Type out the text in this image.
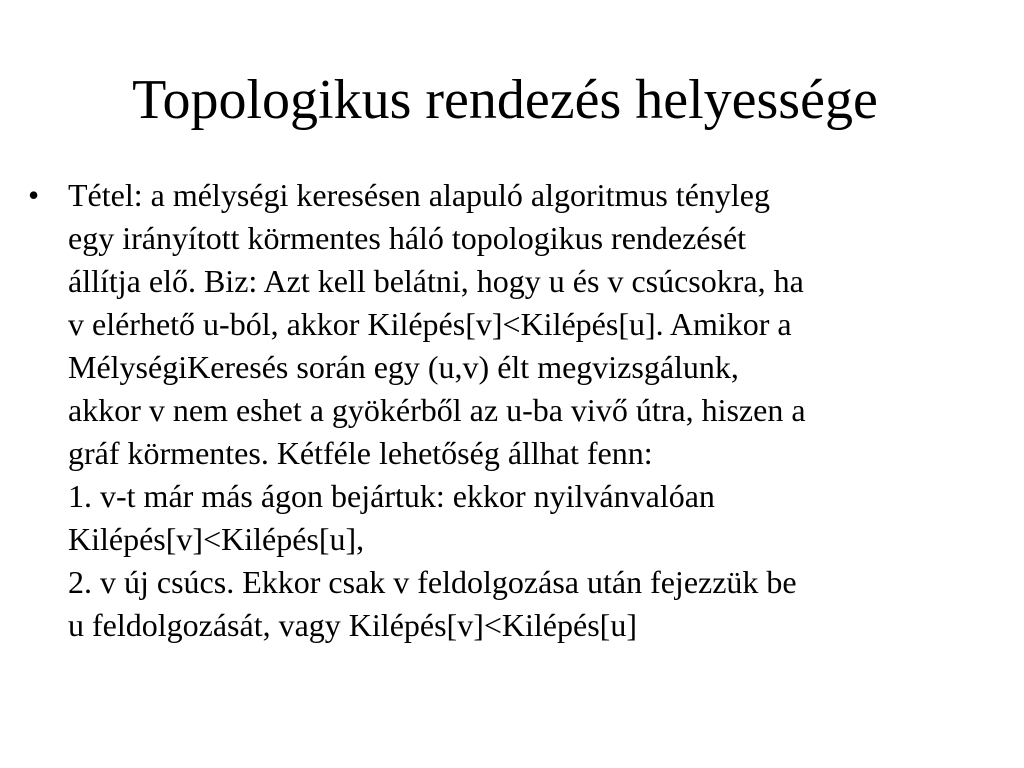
Topologikus rendezés helyessége
• Tétel: a mélységi keresésen alapuló algoritmus tényleg
egy irányított körmentes háló topologikus rendezését
állítja elő. Biz: Azt kell belátni, hogy u és v csúcsokra, ha
v elérhető u-ból, akkor Kilépés[v]<Kilépés[u]. Amikor a
MélységiKeresés során egy (u,v) élt megvizsgálunk,
akkor v nem eshet a gyökérből az u-ba vivő útra, hiszen a
gráf körmentes. Kétféle lehetőség állhat fenn:
1. v-t már más ágon bejártuk: ekkor nyilvánvalóan
Kilépés[v]<Kilépés[u],
2. v új csúcs. Ekkor csak v feldolgozása után fejezzük be
u feldolgozását, vagy Kilépés[v]<Kilépés[u]
